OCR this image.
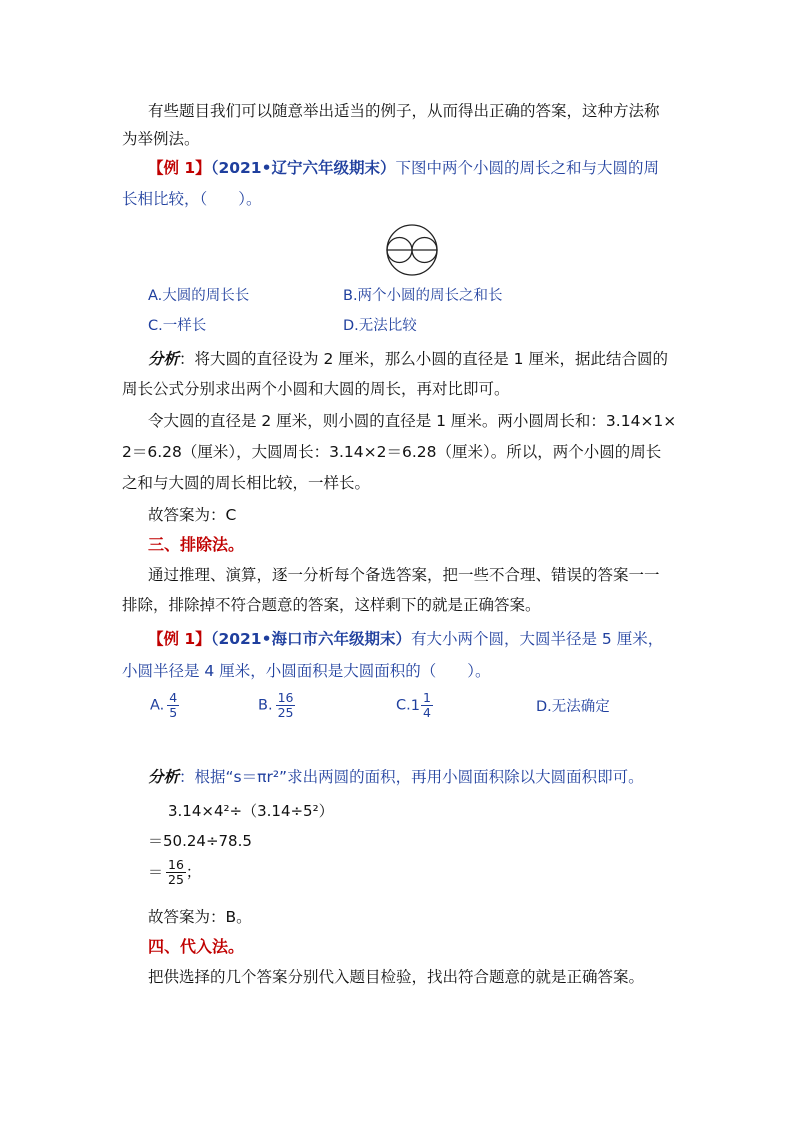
有些题目我们可以随意举出适当的例子，从而得出正确的答案，这种方法称
为举例法。
【例 1】（2021•辽宁六年级期末）下图中两个小圆的周长之和与大圆的周
长相比较，（　　）。
A.大圆的周长长	B.两个小圆的周长之和长
C.一样长	D.无法比较
分析：将大圆的直径设为 2 厘米，那么小圆的直径是 1 厘米，据此结合圆的
周长公式分别求出两个小圆和大圆的周长，再对比即可。
令大圆的直径是 2 厘米，则小圆的直径是 1 厘米。两小圆周长和：3.14×1×
2＝6.28（厘米），大圆周长：3.14×2＝6.28（厘米）。所以，两个小圆的周长
之和与大圆的周长相比较，一样长。
故答案为：C
三、排除法。
通过推理、演算，逐一分析每个备选答案，把一些不合理、错误的答案一一
排除，排除掉不符合题意的答案，这样剩下的就是正确答案。
【例 1】（2021•海口市六年级期末）有大小两个圆，大圆半径是 5 厘米，
小圆半径是 4 厘米，小圆面积是大圆面积的（　　）。
A. $\frac{4}{5}$	B. $\frac{16}{25}$	$C.1 \frac{1}{4}$	D.无法确定
分析：根据“s＝πr²”求出两圆的面积，再用小圆面积除以大圆面积即可。
3.14×4²÷（3.14÷5²）
＝50.24÷78.5
＝ $\frac{16}{25}$ ；
故答案为：B。
四、代入法。
把供选择的几个答案分别代入题目检验，找出符合题意的就是正确答案。
